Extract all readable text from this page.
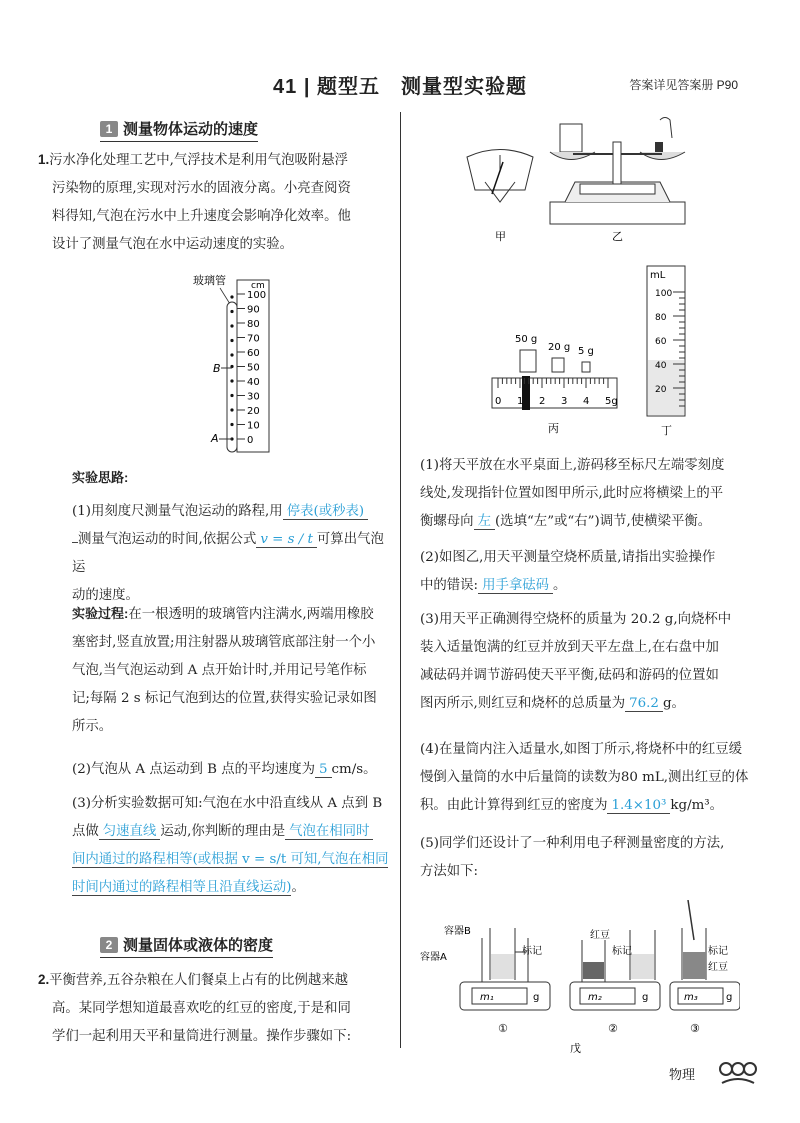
41 | 题型五　测量型实验题	答案详见答案册 P90
1 测量物体运动的速度
1.污水净化处理工艺中,气浮技术是利用气泡吸附悬浮
污染物的原理,实现对污水的固液分离。小亮查阅资
料得知,气泡在污水中上升速度会影响净化效率。他
设计了测量气泡在水中运动速度的实验。
玻璃管	cm
100
90
80
70
60
50
40
30
20
10
0
B
A
实验思路:
(1)用刻度尺测量气泡运动的路程,用 停表(或秒表)
测量气泡运动的时间,依据公式 v = s / t 可算出气泡运
动的速度。
实验过程:在一根透明的玻璃管内注满水,两端用橡胶
塞密封,竖直放置;用注射器从玻璃管底部注射一个小
气泡,当气泡运动到 A 点开始计时,并用记号笔作标
记;每隔 2 s 标记气泡到达的位置,获得实验记录如图
所示。
(2)气泡从 A 点运动到 B 点的平均速度为 5 cm/s。
(3)分析实验数据可知:气泡在水中沿直线从 A 点到 B
点做 匀速直线 运动,你判断的理由是 气泡在相同时
间内通过的路程相等(或根据 v = s/t 可知,气泡在相同
时间内通过的路程相等且沿直线运动)。
2 测量固体或液体的密度
2.平衡营养,五谷杂粮在人们餐桌上占有的比例越来越
高。某同学想知道最喜欢吃的红豆的密度,于是和同
学们一起利用天平和量筒进行测量。操作步骤如下:
甲	乙
50 g
20 g 5 g
0 1 2 3 4 5g
丙
mL
100
80
60
40
20
丁
(1)将天平放在水平桌面上,游码移至标尺左端零刻度
线处,发现指针位置如图甲所示,此时应将横梁上的平
衡螺母向 左 (选填“左”或“右”)调节,使横梁平衡。
(2)如图乙,用天平测量空烧杯质量,请指出实验操作
中的错误: 用手拿砝码 。
(3)用天平正确测得空烧杯的质量为 20.2 g,向烧杯中
装入适量饱满的红豆并放到天平左盘上,在右盘中加
减砝码并调节游码使天平平衡,砝码和游码的位置如
图丙所示,则红豆和烧杯的总质量为 76.2 g。
(4)在量筒内注入适量水,如图丁所示,将烧杯中的红豆缓
慢倒入量筒的水中后量筒的读数为80 mL,测出红豆的体
积。由此计算得到红豆的密度为 1.4×10³ kg/m³。
(5)同学们还设计了一种利用电子秤测量密度的方法,
方法如下:
m₁	g
容器B
容器A
标记
①
m₂	g
红豆
标记
②
m₃	g
标记
红豆
③
戊
物理
